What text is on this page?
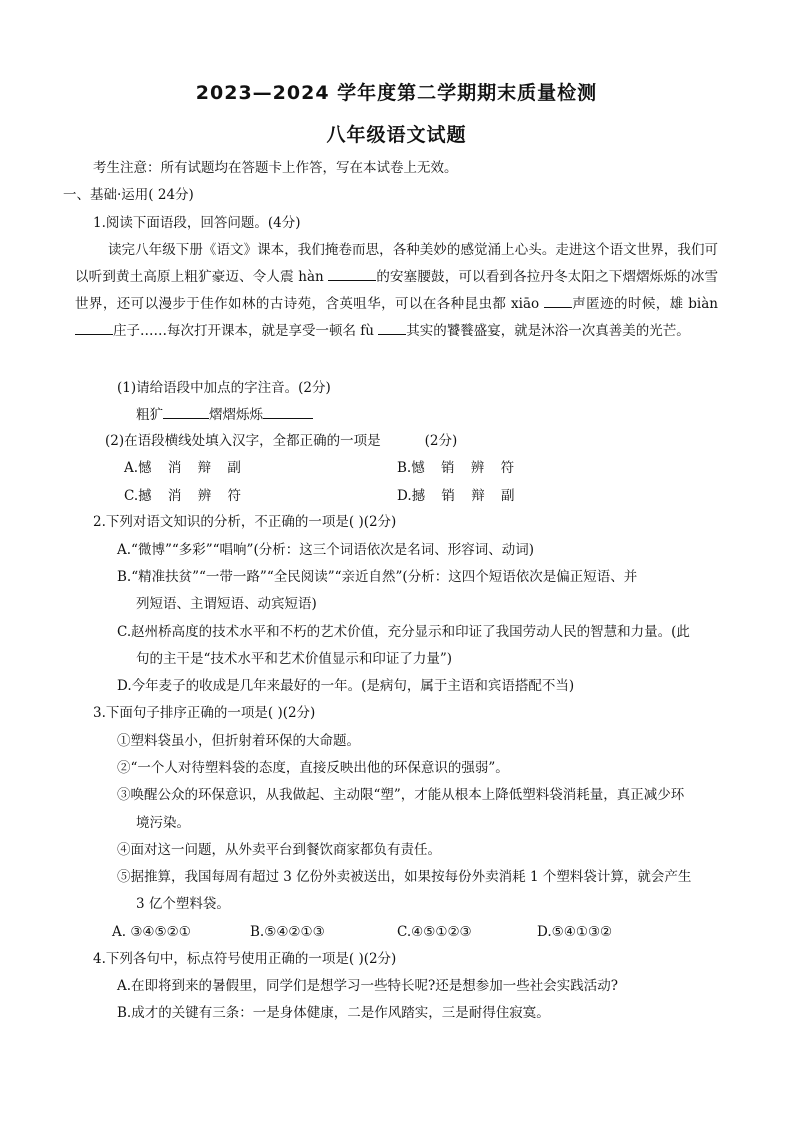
2023—2024 学年度第二学期期末质量检测
八年级语文试题
考生注意：所有试题均在答题卡上作答，写在本试卷上无效。
一、基础·运用( 24分)
1.阅读下面语段，回答问题。(4分)
读完八年级下册《语文》课本，我们掩卷而思，各种美妙的感觉涌上心头。走进这个语文世界，我们可以听到黄土高原上粗犷豪迈、令人震 hàn	的安塞腰鼓，可以看到各拉丹冬太阳之下熠熠烁烁的冰雪世界，还可以漫步于佳作如林的古诗苑，含英咀华，可以在各种昆虫都 xiāo 声匿迹的时候，雄 biàn 庄子……每次打开课本，就是享受一顿名 fù 其实的饕餮盛宴，就是沐浴一次真善美的光芒。
(1)请给语段中加点的字注音。(2分)
粗犷	熠熠烁烁
(2)在语段横线处填入汉字，全都正确的一项是	(2分)
A.憾 消 辩 副	B.憾 销 辨 符
C.撼 消 辨 符	D.撼 销 辩 副
2.下列对语文知识的分析，不正确的一项是( )(2分)
A.“微博”“多彩”“唱响”(分析：这三个词语依次是名词、形容词、动词)
B.“精准扶贫”“一带一路”“全民阅读”“亲近自然”(分析：这四个短语依次是偏正短语、并
列短语、主谓短语、动宾短语)
C.赵州桥高度的技术水平和不朽的艺术价值，充分显示和印证了我国劳动人民的智慧和力量。(此
句的主干是“技术水平和艺术价值显示和印证了力量”)
D.今年麦子的收成是几年来最好的一年。(是病句，属于主语和宾语搭配不当)
3.下面句子排序正确的一项是( )(2分)
①塑料袋虽小，但折射着环保的大命题。
②“一个人对待塑料袋的态度，直接反映出他的环保意识的强弱”。
③唤醒公众的环保意识，从我做起、主动限“塑”，才能从根本上降低塑料袋消耗量，真正减少环
境污染。
④面对这一问题，从外卖平台到餐饮商家都负有责任。
⑤据推算，我国每周有超过 3 亿份外卖被送出，如果按每份外卖消耗 1 个塑料袋计算，就会产生
3 亿个塑料袋。
A. ③④⑤②①	B.⑤④②①③	C.④⑤①②③	D.⑤④①③②
4.下列各句中，标点符号使用正确的一项是( )(2分)
A.在即将到来的暑假里，同学们是想学习一些特长呢?还是想参加一些社会实践活动?
B.成才的关键有三条：一是身体健康，二是作风踏实，三是耐得住寂寞。
